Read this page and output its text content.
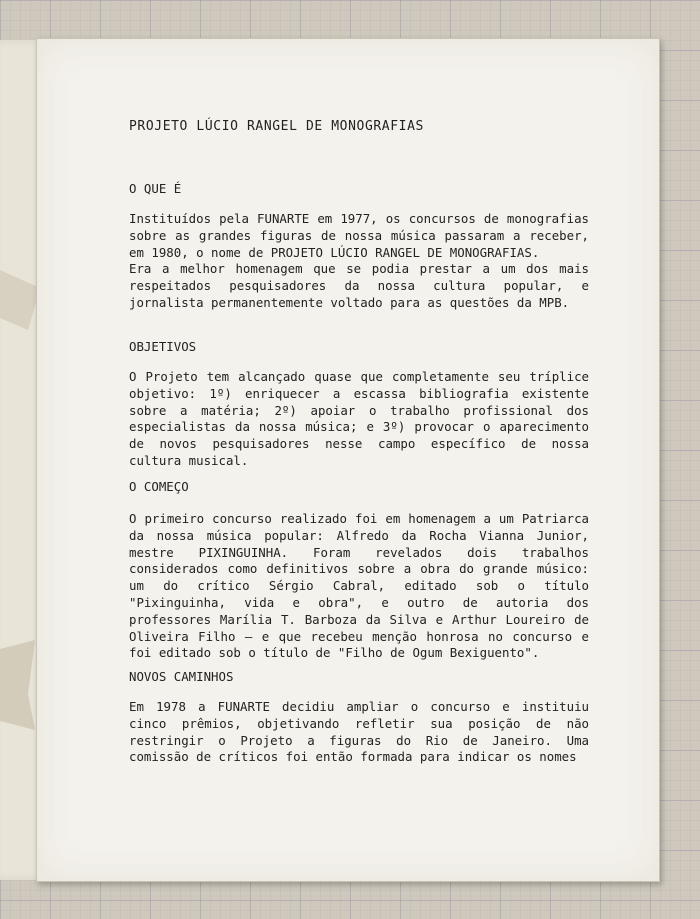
PROJETO LÚCIO RANGEL DE MONOGRAFIAS
O QUE É

Instituídos pela FUNARTE em 1977, os concursos de monografias sobre as grandes figuras de nossa música passaram a receber, em 1980, o nome de PROJETO LÚCIO RANGEL DE MONOGRAFIAS.
Era a melhor homenagem que se podia prestar a um dos mais respeitados pesquisadores da nossa cultura popular, e jornalista permanentemente voltado para as questões da MPB.

OBJETIVOS

O Projeto tem alcançado quase que completamente seu tríplice objetivo: 1º) enriquecer a escassa bibliografia existente sobre a matéria; 2º) apoiar o trabalho profissional dos especialistas da nossa música; e 3º) provocar o aparecimento de novos pesquisadores nesse campo específico de nossa cultura musical.

O COMEÇO

O primeiro concurso realizado foi em homenagem a um Patriarca da nossa música popular: Alfredo da Rocha Vianna Junior, mestre PIXINGUINHA. Foram revelados dois trabalhos considerados como definitivos sobre a obra do grande músico: um do crítico Sérgio Cabral, editado sob o título "Pixinguinha, vida e obra", e outro de autoria dos professores Marília T. Barboza da Silva e Arthur Loureiro de Oliveira Filho — e que recebeu menção honrosa no concurso e foi editado sob o título de "Filho de Ogum Bexiguento".

NOVOS CAMINHOS

Em 1978 a FUNARTE decidiu ampliar o concurso e instituiu cinco prêmios, objetivando refletir sua posição de não restringir o Projeto a figuras do Rio de Janeiro. Uma comissão de críticos foi então formada para indicar os nomes
